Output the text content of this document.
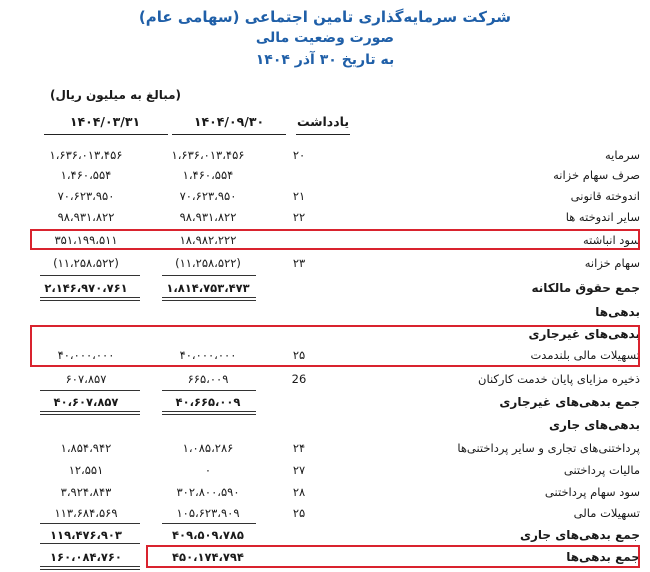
شرکت سرمایه‌گذاری تامین اجتماعی (سهامی عام)
صورت وضعیت مالی
به تاریخ ۳۰ آذر ۱۴۰۴
(مبالغ به میلیون ریال)
۱۴۰۴/۰۳/۳۱	۱۴۰۴/۰۹/۳۰	یادداشت
سرمایه
۲۰
۱،۶۳۶،۰۱۳،۴۵۶
۱،۶۳۶،۰۱۳،۴۵۶
صرف سهام خزانه
۱،۴۶۰،۵۵۴
۱،۴۶۰،۵۵۴
اندوخته قانونی
۲۱
۷۰،۶۲۳،۹۵۰
۷۰،۶۲۳،۹۵۰
سایر اندوخته ها
۲۲
۹۸،۹۳۱،۸۲۲
۹۸،۹۳۱،۸۲۲
سود انباشته
۱۸،۹۸۲،۲۲۲
۳۵۱،۱۹۹،۵۱۱
سهام خزانه
۲۳
(۱۱،۲۵۸،۵۲۲)
(۱۱،۲۵۸،۵۲۲)
جمع حقوق مالکانه
۱،۸۱۴،۷۵۳،۴۷۳
۲،۱۴۶،۹۷۰،۷۶۱
بدهی‌ها
بدهی‌های غیرجاری
تسهیلات مالی بلندمدت
۲۵
۴۰،۰۰۰،۰۰۰
۴۰،۰۰۰،۰۰۰
ذخیره مزایای پایان خدمت کارکنان
26
۶۶۵،۰۰۹
۶۰۷،۸۵۷
جمع بدهی‌های غیرجاری
۴۰،۶۶۵،۰۰۹
۴۰،۶۰۷،۸۵۷
بدهی‌های جاری
پرداختنی‌های تجاری و سایر پرداختنی‌ها
۲۴
۱،۰۸۵،۲۸۶
۱،۸۵۴،۹۴۲
مالیات پرداختنی
۲۷
۰
۱۲،۵۵۱
سود سهام پرداختنی
۲۸
۳۰۲،۸۰۰،۵۹۰
۳،۹۲۴،۸۴۳
تسهیلات مالی
۲۵
۱۰۵،۶۲۳،۹۰۹
۱۱۳،۶۸۴،۵۶۹
جمع بدهی‌های جاری
۴۰۹،۵۰۹،۷۸۵
۱۱۹،۴۷۶،۹۰۳
جمع بدهی‌ها
۴۵۰،۱۷۴،۷۹۴
۱۶۰،۰۸۴،۷۶۰
